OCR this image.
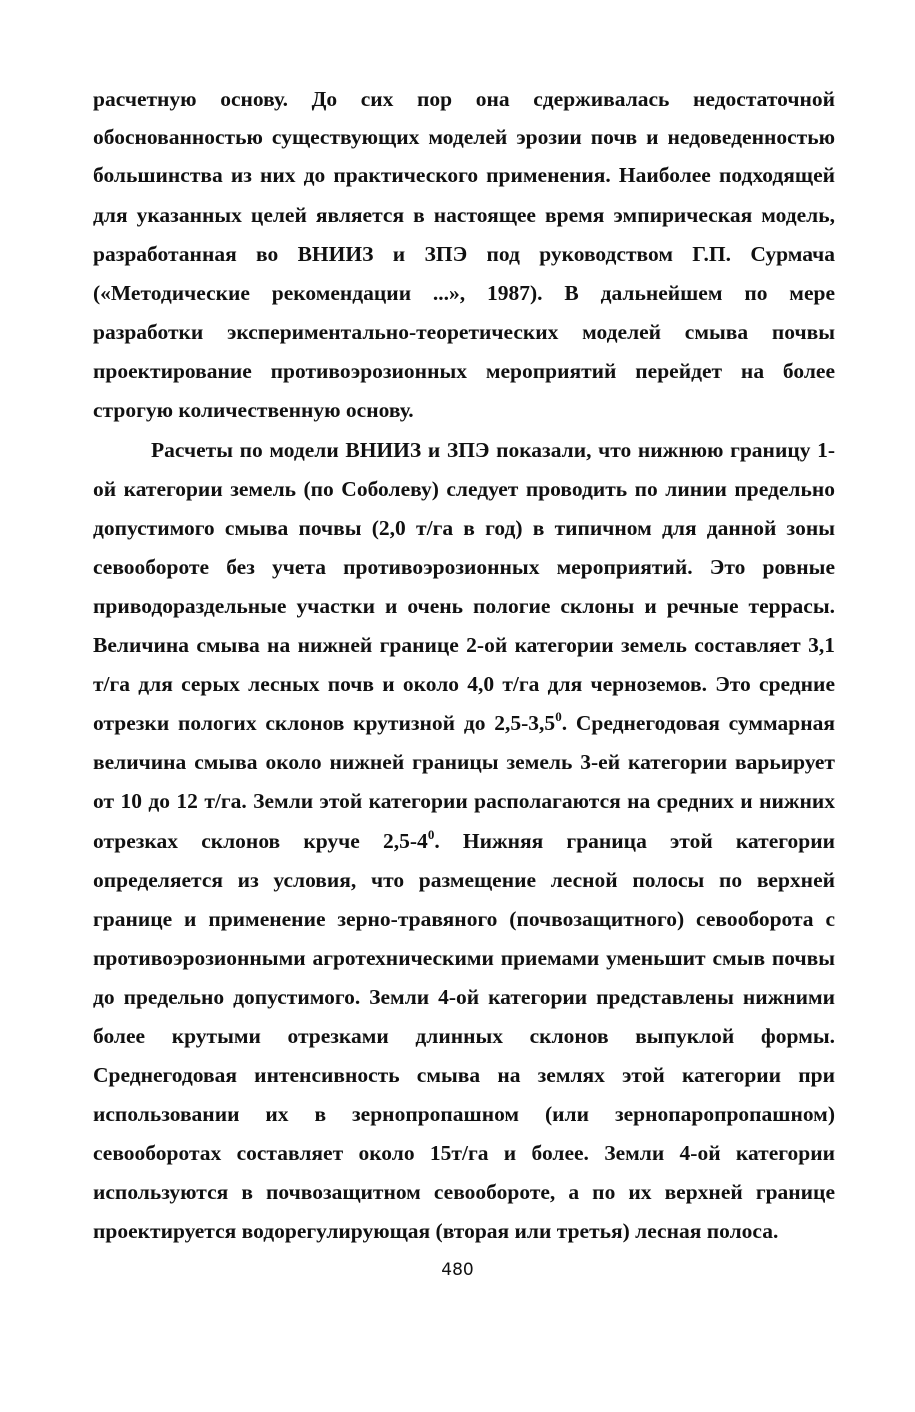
расчетную основу. До сих пор она сдерживалась недостаточной
обоснованностью существующих моделей эрозии почв и недоведенностью
большинства из них до практического применения. Наиболее подходящей
для указанных целей является в настоящее время эмпирическая модель,
разработанная во ВНИИЗ и ЗПЭ под руководством Г.П. Сурмача
(«Методические рекомендации ...», 1987). В дальнейшем по мере
разработки экспериментально-теоретических моделей смыва почвы
проектирование противоэрозионных мероприятий перейдет на более
строгую количественную основу.
Расчеты по модели ВНИИЗ и ЗПЭ показали, что нижнюю границу 1-
ой категории земель (по Соболеву) следует проводить по линии предельно
допустимого смыва почвы (2,0 т/га в год) в типичном для данной зоны
севообороте без учета противоэрозионных мероприятий. Это ровные
приводораздельные участки и очень пологие склоны и речные террасы.
Величина смыва на нижней границе 2-ой категории земель составляет 3,1
т/га для серых лесных почв и около 4,0 т/га для черноземов. Это средние
отрезки пологих склонов крутизной до $2,5-3,5^0$. Среднегодовая суммарная
величина смыва около нижней границы земель 3-ей категории варьирует
от 10 до 12 т/га. Земли этой категории располагаются на средних и нижних
отрезках склонов круче $2,5-4^0$. Нижняя граница этой категории
определяется из условия, что размещение лесной полосы по верхней
границе и применение зерно-травяного (почвозащитного) севооборота с
противоэрозионными агротехническими приемами уменьшит смыв почвы
до предельно допустимого. Земли 4-ой категории представлены нижними
более крутыми отрезками длинных склонов выпуклой формы.
Среднегодовая интенсивность смыва на землях этой категории при
использовании их в зернопропашном (или зернопаропропашном)
севооборотах составляет около 15т/га и более. Земли 4-ой категории
используются в почвозащитном севообороте, а по их верхней границе
проектируется водорегулирующая (вторая или третья) лесная полоса.
480
